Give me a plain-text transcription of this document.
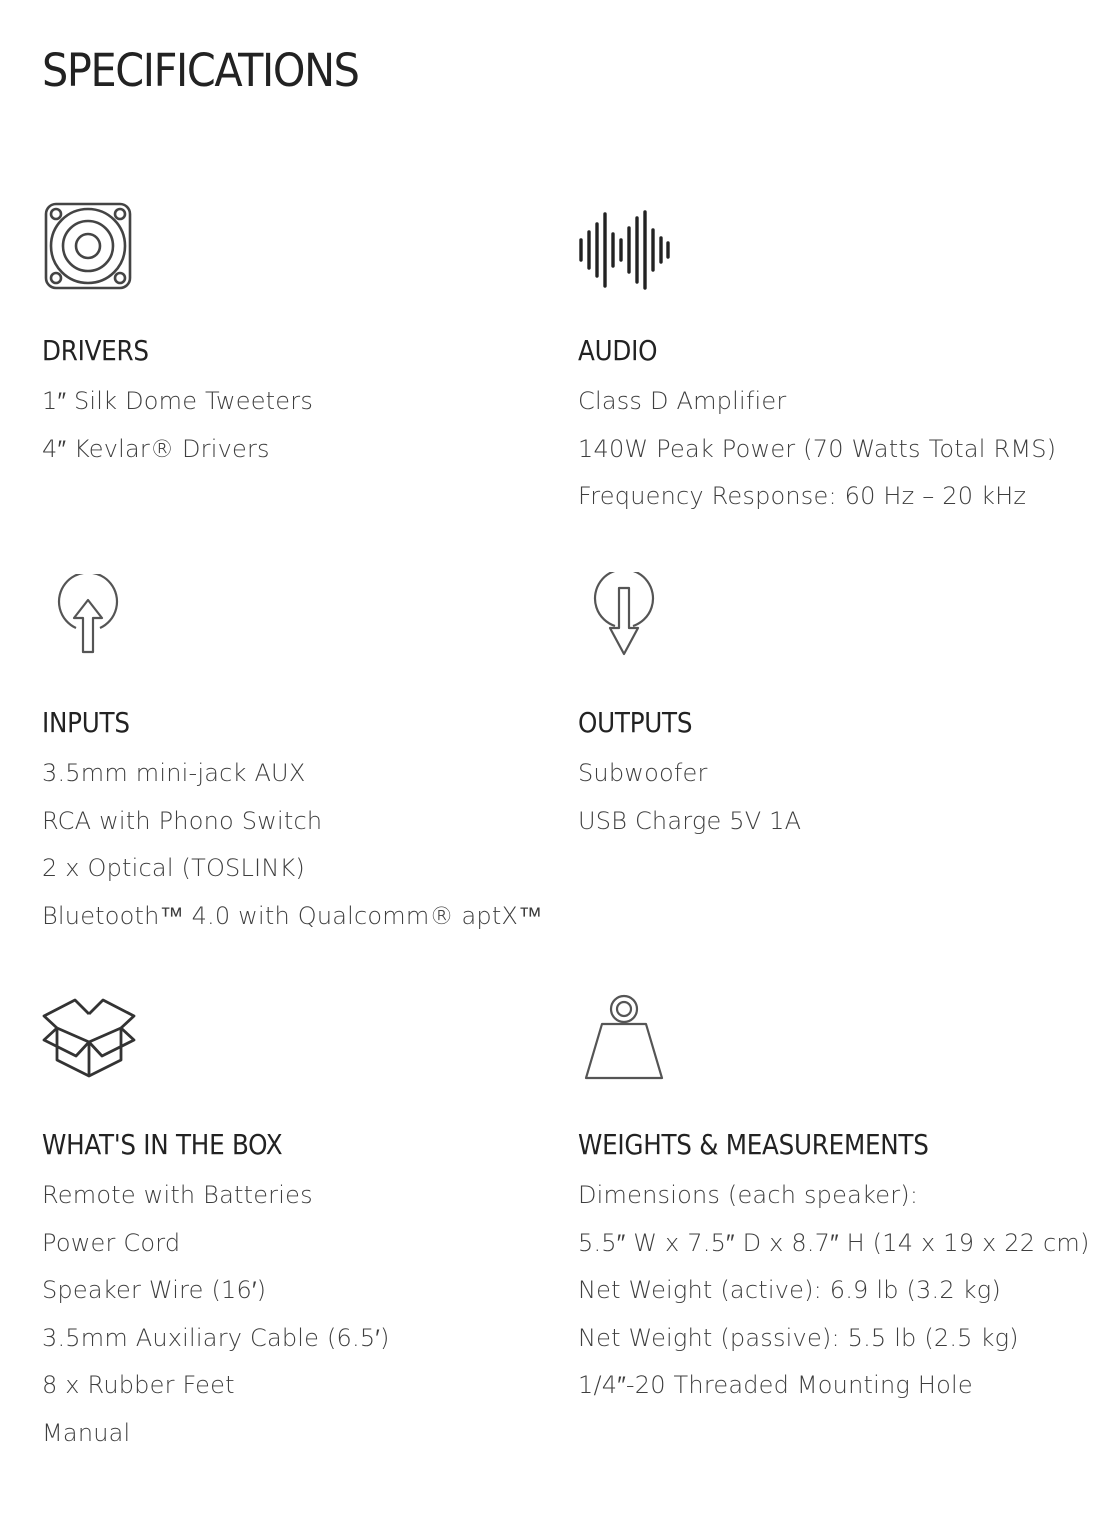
SPECIFICATIONS
DRIVERS
1″ Silk Dome Tweeters
4″ Kevlar® Drivers
AUDIO
Class D Amplifier
140W Peak Power (70 Watts Total RMS)
Frequency Response: 60 Hz – 20 kHz
INPUTS
3.5mm mini-jack AUX
RCA with Phono Switch
2 x Optical (TOSLINK)
Bluetooth™ 4.0 with Qualcomm® aptX™
OUTPUTS
Subwoofer
USB Charge 5V 1A
WHAT'S IN THE BOX
Remote with Batteries
Power Cord
Speaker Wire (16′)
3.5mm Auxiliary Cable (6.5′)
8 x Rubber Feet
Manual
WEIGHTS & MEASUREMENTS
Dimensions (each speaker):
5.5″ W x 7.5″ D x 8.7″ H (14 x 19 x 22 cm)
Net Weight (active): 6.9 lb (3.2 kg)
Net Weight (passive): 5.5 lb (2.5 kg)
1/4″-20 Threaded Mounting Hole
